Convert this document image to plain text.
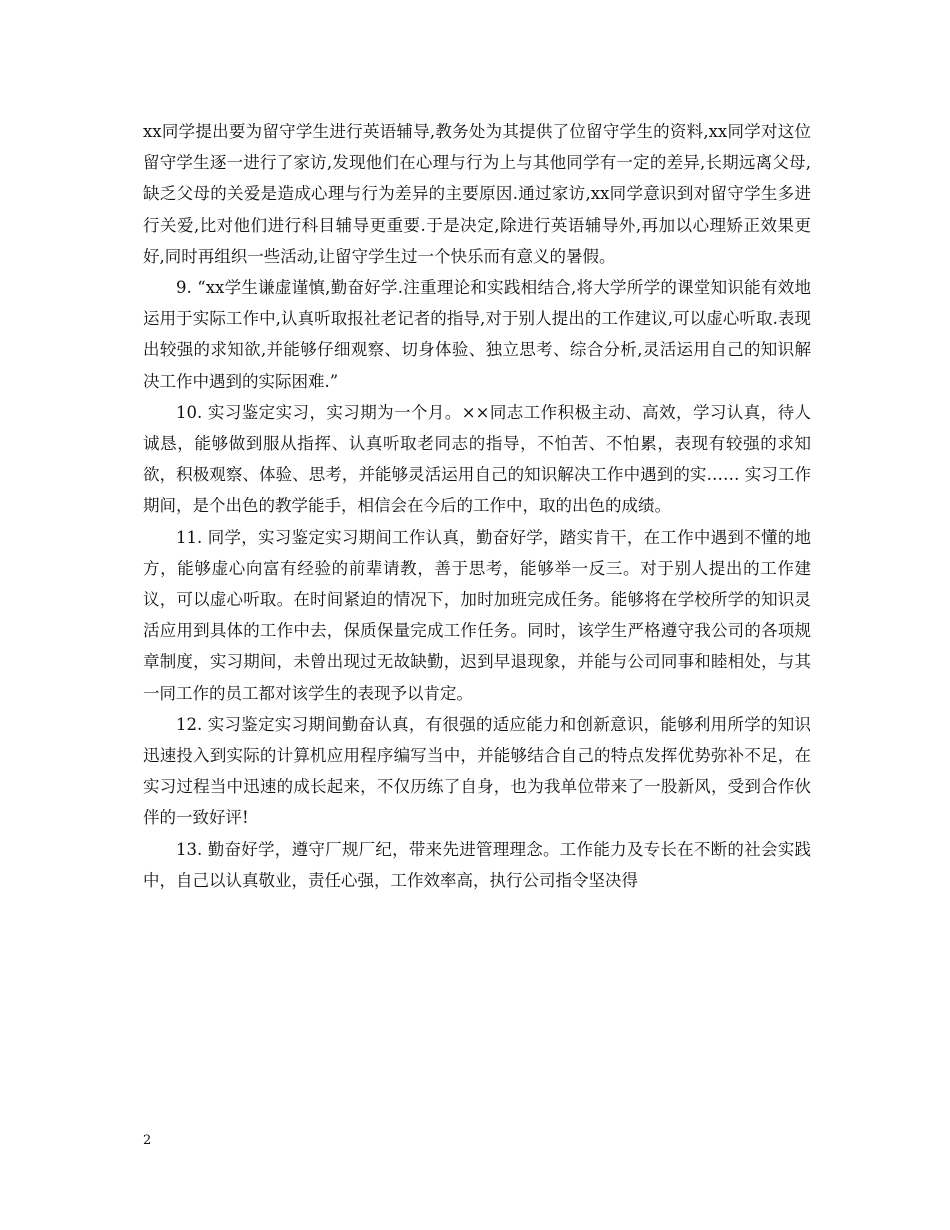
xx同学提出要为留守学生进行英语辅导,教务处为其提供了位留守学生的资料,xx同学对这位留守学生逐一进行了家访,发现他们在心理与行为上与其他同学有一定的差异,长期远离父母,缺乏父母的关爱是造成心理与行为差异的主要原因.通过家访,xx同学意识到对留守学生多进行关爱,比对他们进行科目辅导更重要.于是决定,除进行英语辅导外,再加以心理矫正效果更好,同时再组织一些活动,让留守学生过一个快乐而有意义的暑假。

9. “xx学生谦虚谨慎,勤奋好学.注重理论和实践相结合,将大学所学的课堂知识能有效地运用于实际工作中,认真听取报社老记者的指导,对于别人提出的工作建议,可以虚心听取.表现出较强的求知欲,并能够仔细观察、切身体验、独立思考、综合分析,灵活运用自己的知识解决工作中遇到的实际困难.”

10. 实习鉴定实习，实习期为一个月。××同志工作积极主动、高效，学习认真，待人诚恳，能够做到服从指挥、认真听取老同志的指导，不怕苦、不怕累，表现有较强的求知欲，积极观察、体验、思考，并能够灵活运用自己的知识解决工作中遇到的实…… 实习工作期间，是个出色的教学能手，相信会在今后的工作中，取的出色的成绩。

11. 同学，实习鉴定实习期间工作认真，勤奋好学，踏实肯干，在工作中遇到不懂的地方，能够虚心向富有经验的前辈请教，善于思考，能够举一反三。对于别人提出的工作建议，可以虚心听取。在时间紧迫的情况下，加时加班完成任务。能够将在学校所学的知识灵活应用到具体的工作中去，保质保量完成工作任务。同时，该学生严格遵守我公司的各项规章制度，实习期间，未曾出现过无故缺勤，迟到早退现象，并能与公司同事和睦相处，与其一同工作的员工都对该学生的表现予以肯定。

12. 实习鉴定实习期间勤奋认真，有很强的适应能力和创新意识，能够利用所学的知识迅速投入到实际的计算机应用程序编写当中，并能够结合自己的特点发挥优势弥补不足，在实习过程当中迅速的成长起来，不仅历练了自身，也为我单位带来了一股新风，受到合作伙伴的一致好评!

13. 勤奋好学，遵守厂规厂纪，带来先进管理理念。工作能力及专长在不断的社会实践中，自己以认真敬业，责任心强，工作效率高，执行公司指令坚决得

2
